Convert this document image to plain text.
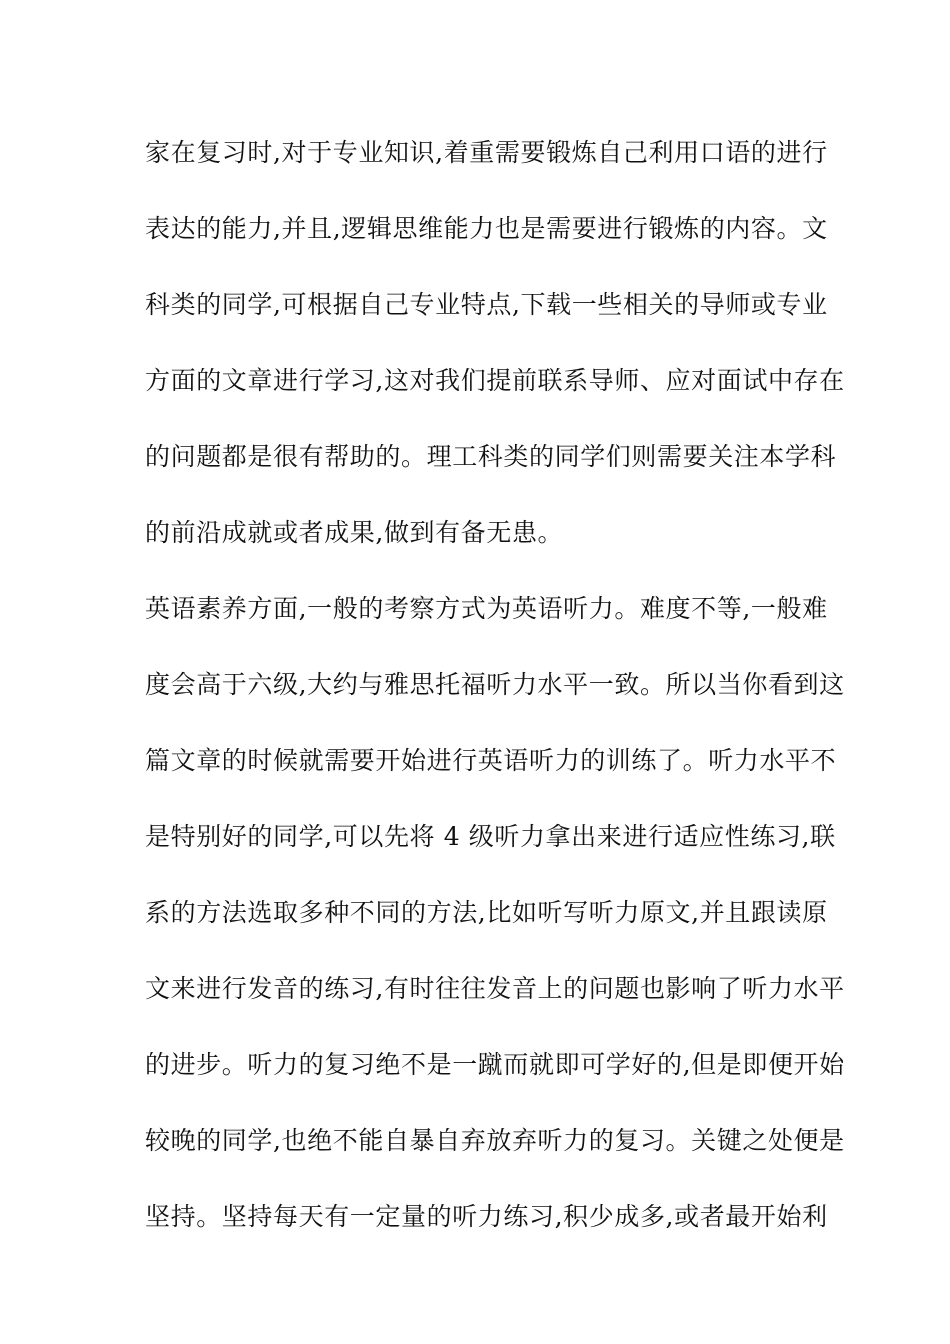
家在复习时,对于专业知识,着重需要锻炼自己利用口语的进行
表达的能力,并且,逻辑思维能力也是需要进行锻炼的内容。文
科类的同学,可根据自己专业特点,下载一些相关的导师或专业
方面的文章进行学习,这对我们提前联系导师、应对面试中存在
的问题都是很有帮助的。理工科类的同学们则需要关注本学科
的前沿成就或者成果,做到有备无患。
英语素养方面,一般的考察方式为英语听力。难度不等,一般难
度会高于六级,大约与雅思托福听力水平一致。所以当你看到这
篇文章的时候就需要开始进行英语听力的训练了。听力水平不
是特别好的同学,可以先将 4 级听力拿出来进行适应性练习,联
系的方法选取多种不同的方法,比如听写听力原文,并且跟读原
文来进行发音的练习,有时往往发音上的问题也影响了听力水平
的进步。听力的复习绝不是一蹴而就即可学好的,但是即便开始
较晚的同学,也绝不能自暴自弃放弃听力的复习。关键之处便是
坚持。坚持每天有一定量的听力练习,积少成多,或者最开始利
